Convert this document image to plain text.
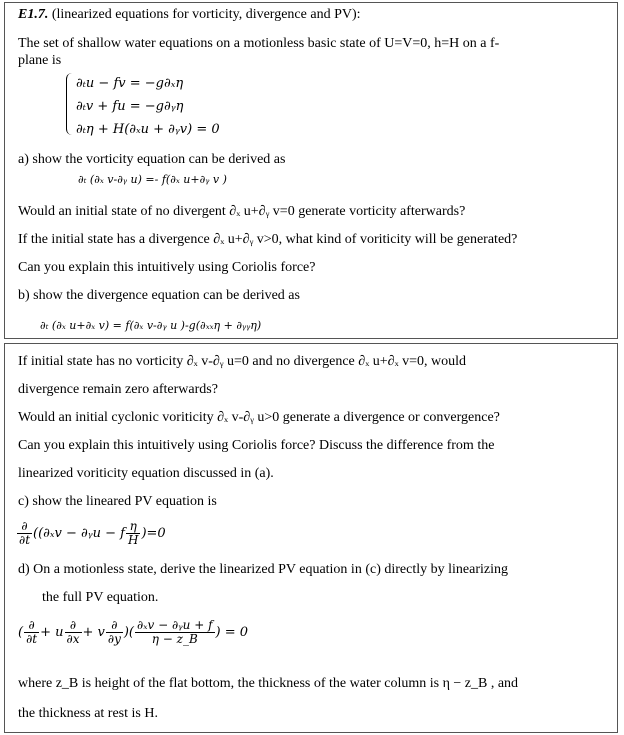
E1.7. (linearized equations for vorticity, divergence and PV):
The set of shallow water equations on a motionless basic state of U=V=0, h=H on a f-
plane is
∂ₜu − fv = −g∂ₓη
∂ₜv + fu = −g∂ᵧη
∂ₜη + H(∂ₓu + ∂ᵧv) = 0
a) show the vorticity equation can be derived as
∂ₜ (∂ₓ v-∂ᵧ u) =- f(∂ₓ u+∂ᵧ v )
Would an initial state of no divergent ∂ₓ u+∂ᵧ v=0 generate vorticity afterwards?
If the initial state has a divergence ∂ₓ u+∂ᵧ v>0, what kind of voriticity will be generated?
Can you explain this intuitively using Coriolis force?
b) show the divergence equation can be derived as
∂ₜ (∂ₓ u+∂ₓ v) = f(∂ₓ v-∂ᵧ u )-g(∂ₓₓη + ∂ᵧᵧη)
If initial state has no vorticity ∂ₓ v-∂ᵧ u=0 and no divergence ∂ₓ u+∂ₓ v=0, would
divergence remain zero afterwards?
Would an initial cyclonic voriticity ∂ₓ v-∂ᵧ u>0 generate a divergence or convergence?
Can you explain this intuitively using Coriolis force? Discuss the difference from the
linearized voriticity equation discussed in (a).
c) show the lineared PV equation is
$\frac{\partial}{\partial t} ((\partial_xv$ − ∂ᵧu − f $\frac{\eta}{H} )=0$
d) On a motionless state, derive the linearized PV equation in (c) directly by linearizing
the full PV equation.
( $\frac{\partial}{\partial t} + u \frac{\partial}{\partial x} + v \frac{\partial}{\partial y}$ )( $\frac{\text{∂ₓv − ∂ᵧu + f}}{\eta - z\_B}$ ) = 0
where z_B is height of the flat bottom, the thickness of the water column is η − z_B , and
the thickness at rest is H.
